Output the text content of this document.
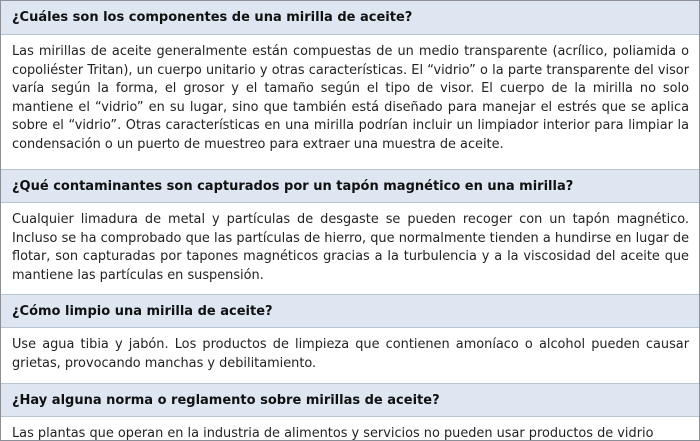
¿Cuáles son los componentes de una mirilla de aceite?
Las mirillas de aceite generalmente están compuestas de un medio transparente (acrílico, poliamida o copoliéster Tritan), un cuerpo unitario y otras características. El “vidrio” o la parte transparente del visor varía según la forma, el grosor y el tamaño según el tipo de visor. El cuerpo de la mirilla no solo mantiene el “vidrio” en su lugar, sino que también está diseñado para manejar el estrés que se aplica sobre el “vidrio”. Otras características en una mirilla podrían incluir un limpiador interior para limpiar la condensación o un puerto de muestreo para extraer una muestra de aceite.
¿Qué contaminantes son capturados por un tapón magnético en una mirilla?
Cualquier limadura de metal y partículas de desgaste se pueden recoger con un tapón magnético. Incluso se ha comprobado que las partículas de hierro, que normalmente tienden a hundirse en lugar de flotar, son capturadas por tapones magnéticos gracias a la turbulencia y a la viscosidad del aceite que mantiene las partículas en suspensión.
¿Cómo limpio una mirilla de aceite?
Use agua tibia y jabón. Los productos de limpieza que contienen amoníaco o alcohol pueden causar grietas, provocando manchas y debilitamiento.
¿Hay alguna norma o reglamento sobre mirillas de aceite?
Las plantas que operan en la industria de alimentos y servicios no pueden usar productos de vidrio
